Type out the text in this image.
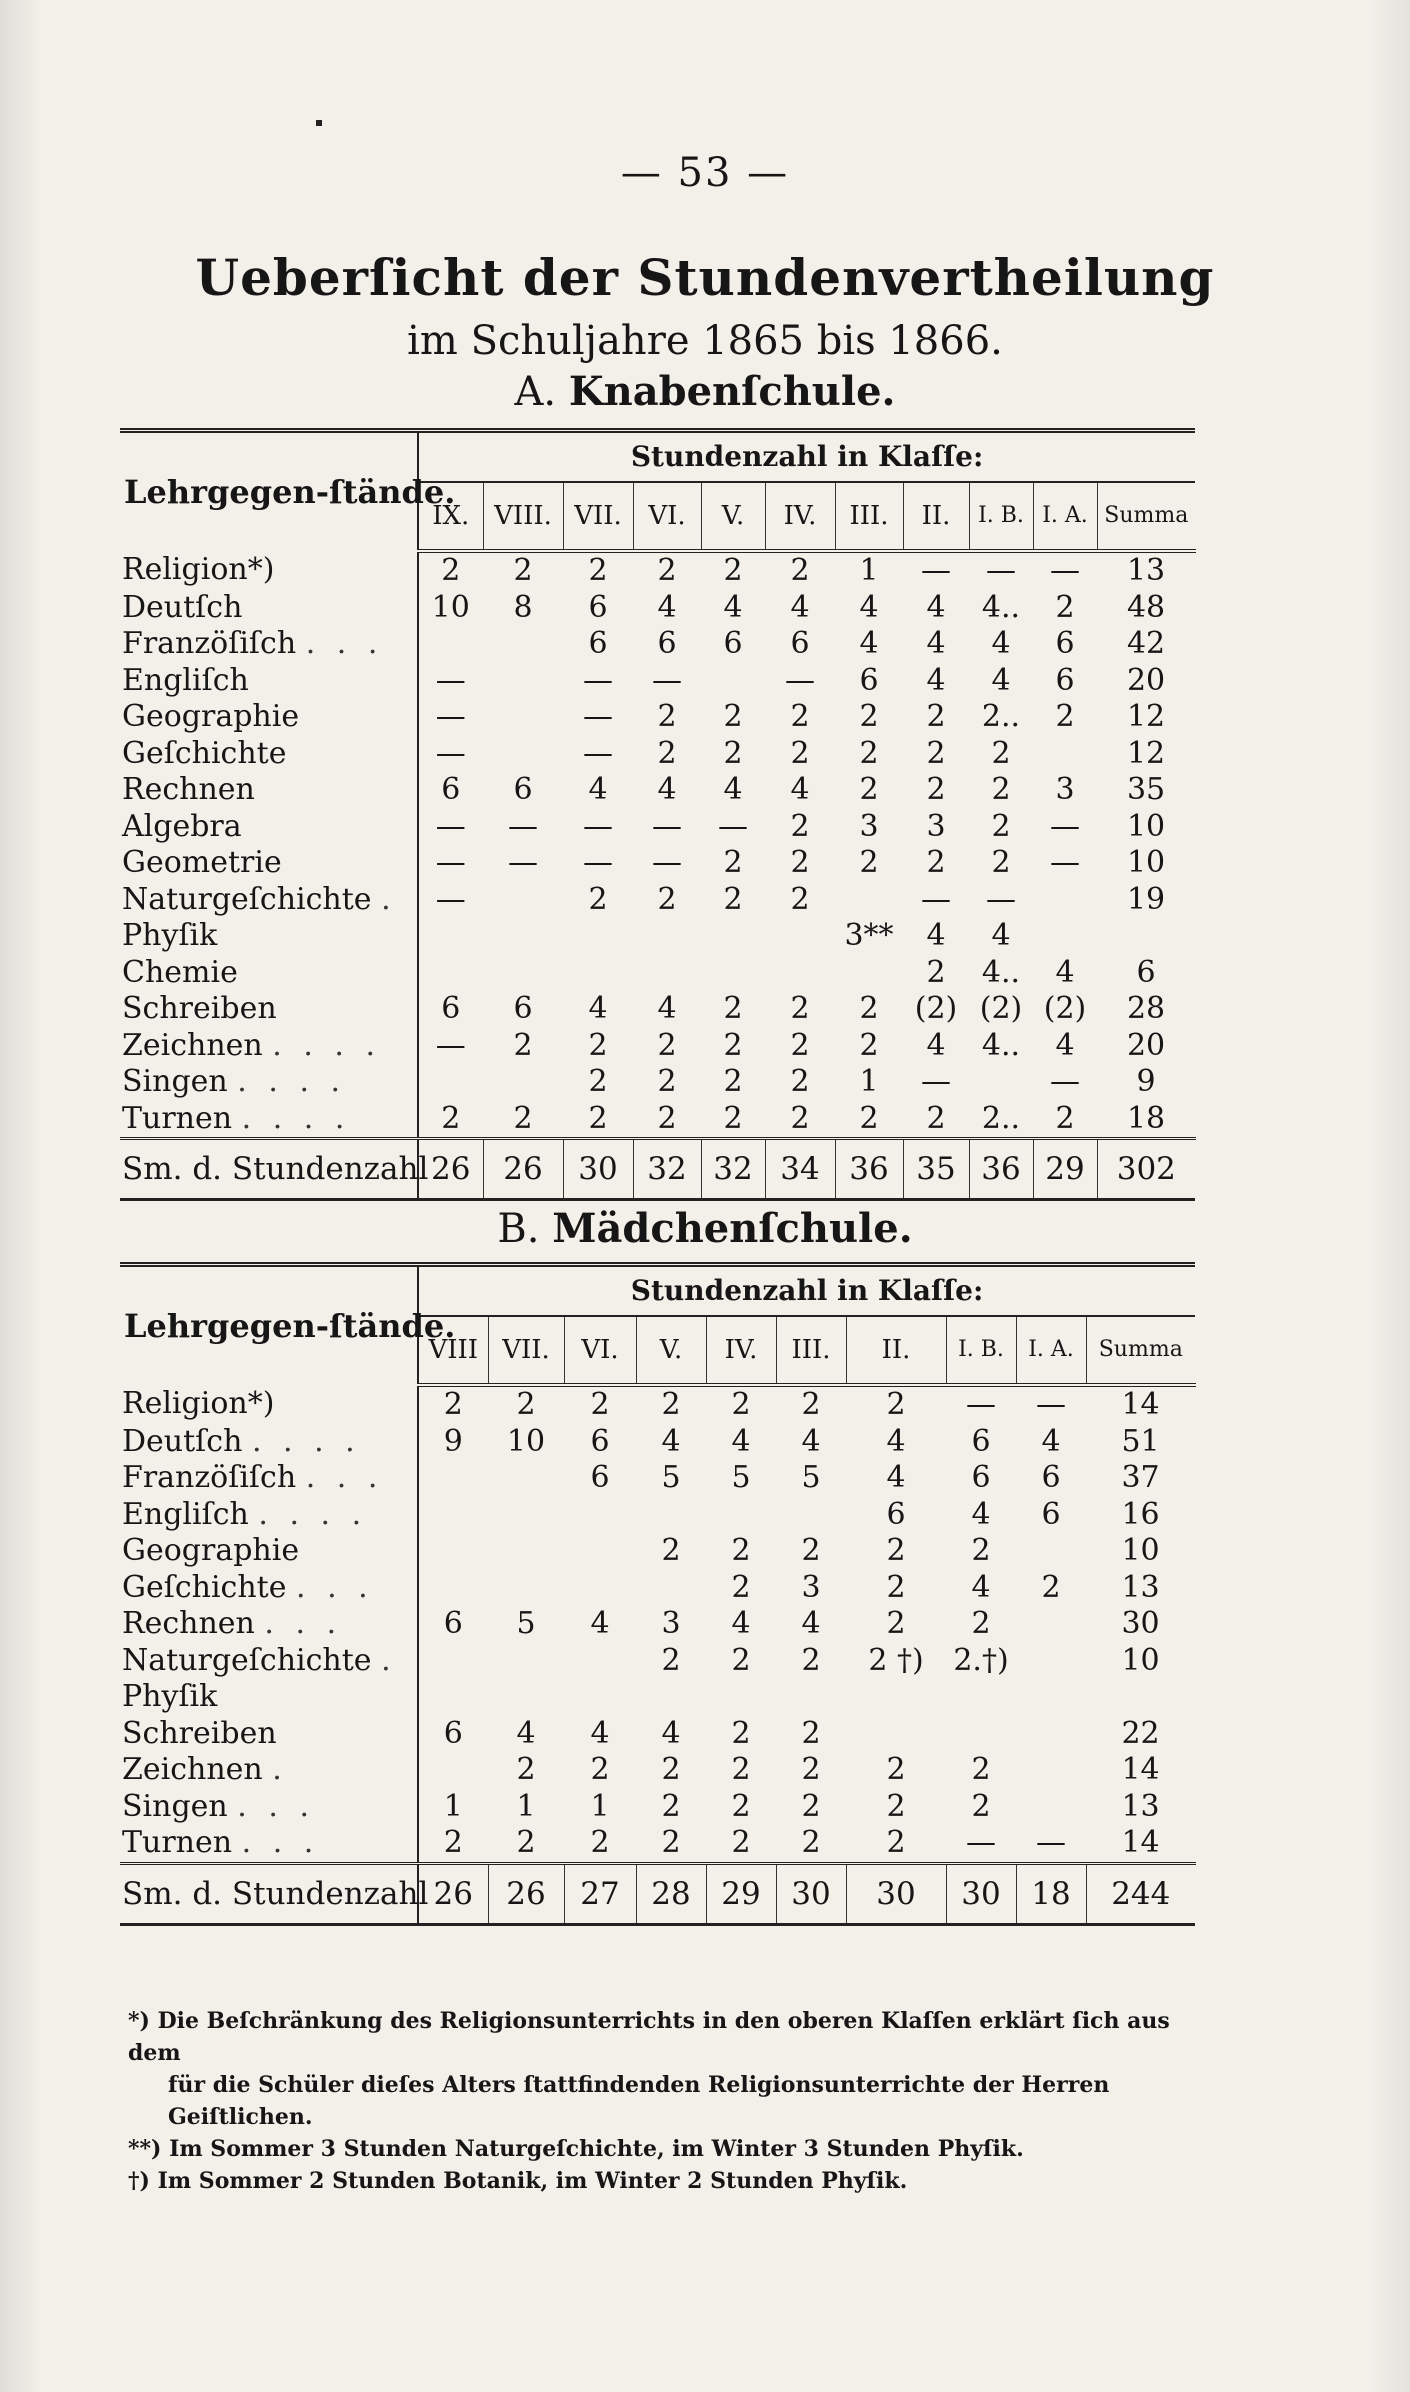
— 53 —
Ueberſicht der Stundenvertheilung
im Schuljahre 1865 bis 1866.
A. Knabenſchule.
Lehrgegen-ſtände.	Stundenzahl in Klaſſe:										
	IX.	VIII.	VII.	VI.	V.	IV.	III.	II.	I. B.	I. A.	Summa
Religion*)	2	2	2	2	2	2	1	—	—	—	13
Deutſch	10	8	6	4	4	4	4	4	4..	2	48
Franzöſiſch . . .			6	6	6	6	4	4	4	6	42
Engliſch	—		—	—		—	6	4	4	6	20
Geographie	—		—	2	2	2	2	2	2..	2	12
Geſchichte	—		—	2	2	2	2	2	2		12
Rechnen	6	6	4	4	4	4	2	2	2	3	35
Algebra	—	—	—	—	—	2	3	3	2	—	10
Geometrie	—	—	—	—	2	2	2	2	2	—	10
Naturgeſchichte .	—		2	2	2	2		—	—		19
Phyſik							3**	4	4		
Chemie								2	4..	4	6
Schreiben	6	6	4	4	2	2	2	(2)	(2)	(2)	28
Zeichnen . . . .	—	2	2	2	2	2	2	4	4..	4	20
Singen . . . .			2	2	2	2	1	—		—	9
Turnen . . . .	2	2	2	2	2	2	2	2	2..	2	18
Sm. d. Stundenzahl	26	26	30	32	32	34	36	35	36	29	302
B. Mädchenſchule.
Lehrgegen-ſtände.	Stundenzahl in Klaſſe:									
	VIII	VII.	VI.	V.	IV.	III.	II.	I. B.	I. A.	Summa
Religion*)	2	2	2	2	2	2	2	—	—	14
Deutſch . . . .	9	10	6	4	4	4	4	6	4	51
Franzöſiſch . . .			6	5	5	5	4	6	6	37
Engliſch . . . .							6	4	6	16
Geographie				2	2	2	2	2		10
Geſchichte . . .					2	3	2	4	2	13
Rechnen . . .	6	5	4	3	4	4	2	2		30
Naturgeſchichte .				2	2	2	2 †)	2.†)		10
Phyſik										
Schreiben	6	4	4	4	2	2				22
Zeichnen .		2	2	2	2	2	2	2		14
Singen . . .	1	1	1	2	2	2	2	2		13
Turnen . . .	2	2	2	2	2	2	2	—	—	14
Sm. d. Stundenzahl	26	26	27	28	29	30	30	30	18	244
*) Die Beſchränkung des Religionsunterrichts in den oberen Klaſſen erklärt ſich aus dem
für die Schüler dieſes Alters ſtattfindenden Religionsunterrichte der Herren Geiſtlichen.
**) Im Sommer 3 Stunden Naturgeſchichte, im Winter 3 Stunden Phyſik.
†) Im Sommer 2 Stunden Botanik, im Winter 2 Stunden Phyſik.
